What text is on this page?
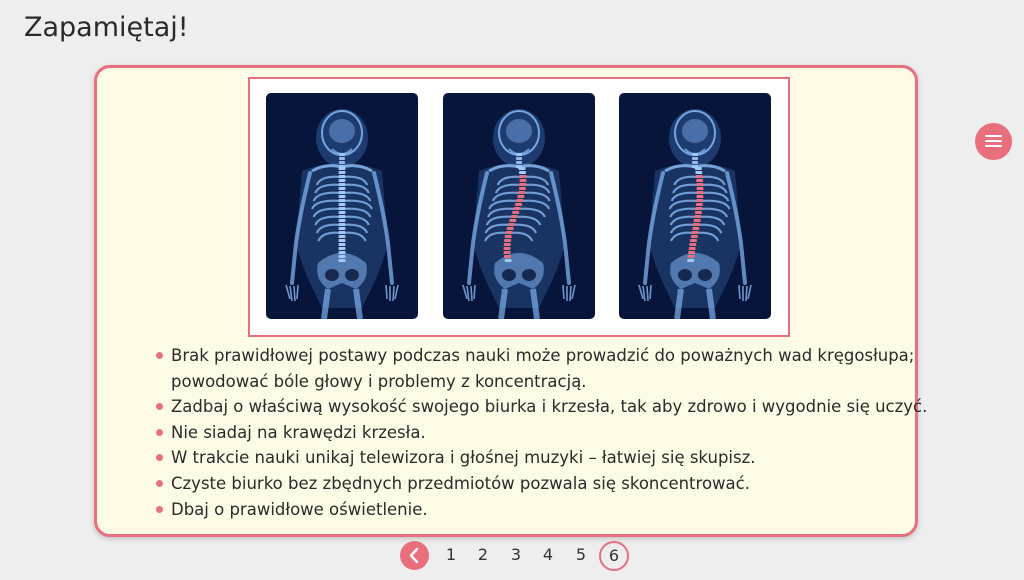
Zapamiętaj!
Brak prawidłowej postawy podczas nauki może prowadzić do poważnych wad kręgosłupa;
powodować bóle głowy i problemy z koncentracją.
Zadbaj o właściwą wysokość swojego biurka i krzesła, tak aby zdrowo i wygodnie się uczyć.
Nie siadaj na krawędzi krzesła.
W trakcie nauki unikaj telewizora i głośnej muzyki – łatwiej się skupisz.
Czyste biurko bez zbędnych przedmiotów pozwala się skoncentrować.
Dbaj o prawidłowe oświetlenie.
1	2	3	4	5	6
